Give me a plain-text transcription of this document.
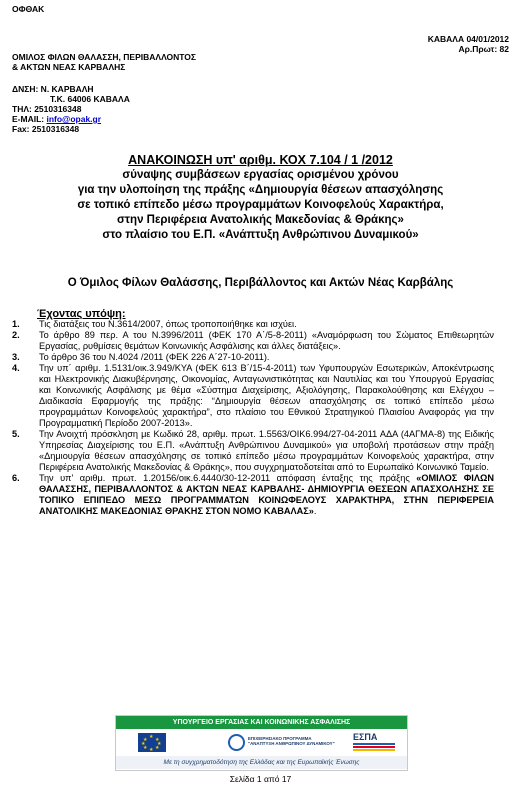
ΟΦΘΑΚ
ΚΑΒΑΛΑ 04/01/2012
Αρ.Πρωτ: 82
ΟΜΙΛΟΣ ΦΙΛΩΝ ΘΑΛΑΣΣΗ, ΠΕΡΙΒΑΛΛΟΝΤΟΣ
& ΑΚΤΩΝ ΝΕΑΣ ΚΑΡΒΑΛΗΣ
ΔΝΣΗ: Ν. ΚΑΡΒΑΛΗ
Τ.Κ. 64006 ΚΑΒΑΛΑ
ΤΗΛ: 2510316348
E-MAIL: info@opak.gr
Fax: 2510316348
ΑΝΑΚΟΙΝΩΣΗ υπ' αριθμ. ΚΟΧ 7.104 / 1 /2012
σύναψης συμβάσεων εργασίας ορισμένου χρόνου
για την υλοποίηση της πράξης «Δημιουργία θέσεων απασχόλησης
σε τοπικό επίπεδο μέσω προγραμμάτων Κοινοφελούς Χαρακτήρα,
στην Περιφέρεια Ανατολικής Μακεδονίας & Θράκης»
στο πλαίσιο του Ε.Π. «Ανάπτυξη Ανθρώπινου Δυναμικού»
Ο Όμιλος Φίλων Θαλάσσης, Περιβάλλοντος και Ακτών Νέας Καρβάλης
Έχοντας υπόψη:
1. Τις διατάξεις του Ν.3614/2007, όπως τροποποιήθηκε και ισχύει.
2. Το άρθρο 89 περ. Α του Ν.3996/2011 (ΦΕΚ 170 Α΄/5-8-2011) «Αναμόρφωση του Σώματος Επιθεωρητών Εργασίας, ρυθμίσεις θεμάτων Κοινωνικής Ασφάλισης και άλλες διατάξεις».
3. Το άρθρο 36 του Ν.4024 /2011 (ΦΕΚ 226 Α΄27-10-2011).
4. Την υπ΄ αριθμ. 1.5131/οικ.3.949/ΚΥΑ (ΦΕΚ 613 Β΄/15-4-2011) των Υφυπουργών Εσωτερικών, Αποκέντρωσης και Ηλεκτρονικής Διακυβέρνησης, Οικονομίας, Ανταγωνιστικότητας και Ναυτιλίας και του Υπουργού Εργασίας και Κοινωνικής Ασφάλισης με θέμα «Σύστημα Διαχείρισης, Αξιολόγησης, Παρακολούθησης και Ελέγχου – Διαδικασία Εφαρμογής της πράξης: “Δημιουργία θέσεων απασχόλησης σε τοπικό επίπεδο μέσω προγραμμάτων Κοινοφελούς χαρακτήρα”, στο πλαίσιο του Εθνικού Στρατηγικού Πλαισίου Αναφοράς για την Προγραμματική Περίοδο 2007-2013».
5. Την Ανοιχτή πρόσκληση με Κωδικό 28, αριθμ. πρωτ. 1.5563/ΟΙΚ6.994/27-04-2011 ΑΔΑ (4ΑΓΜΑ-8) της Ειδικής Υπηρεσίας Διαχείρισης του Ε.Π. «Ανάπτυξη Ανθρώπινου Δυναμικού» για υποβολή προτάσεων στην πράξη «Δημιουργία θέσεων απασχόλησης σε τοπικό επίπεδο μέσω προγραμμάτων Κοινοφελούς χαρακτήρα, στην Περιφέρεια Ανατολικής Μακεδονίας & Θράκης», που συγχρηματοδοτείται από το Ευρωπαϊκό Κοινωνικό Ταμείο.
6. Την υπ' αριθμ. πρωτ. 1.20156/οικ.6.4440/30-12-2011 απόφαση ένταξης της πράξης «ΟΜΙΛΟΣ ΦΙΛΩΝ ΘΑΛΑΣΣΗΣ, ΠΕΡΙΒΑΛΛΟΝΤΟΣ & ΑΚΤΩΝ ΝΕΑΣ ΚΑΡΒΑΛΗΣ- ΔΗΜΙΟΥΡΓΙΑ ΘΕΣΕΩΝ ΑΠΑΣΧΟΛΗΣΗΣ ΣΕ ΤΟΠΙΚΟ ΕΠΙΠΕΔΟ ΜΕΣΩ ΠΡΟΓΡΑΜΜΑΤΩΝ ΚΟΙΝΩΦΕΛΟΥΣ ΧΑΡΑΚΤΗΡΑ, ΣΤΗΝ ΠΕΡΙΦΕΡΕΙΑ ΑΝΑΤΟΛΙΚΗΣ ΜΑΚΕΔΟΝΙΑΣ ΘΡΑΚΗΣ ΣΤΟΝ ΝΟΜΟ ΚΑΒΑΛΑΣ».
ΥΠΟΥΡΓΕΙΟ ΕΡΓΑΣΙΑΣ ΚΑΙ ΚΟΙΝΩΝΙΚΗΣ ΑΣΦΑΛΙΣΗΣ
★
★ ★
★ ★
★ ★
★
ΕΠΙΧΕΙΡΗΣΙΑΚΟ ΠΡΟΓΡΑΜΜΑ "ΑΝΑΠΤΥΞΗ ΑΝΘΡΩΠΙΝΟΥ ΔΥΝΑΜΙΚΟΥ"
ΕΣΠΑ
Με τη συγχρηματοδότηση της Ελλάδας και της Ευρωπαϊκής Ένωσης
Σελίδα 1 από 17
